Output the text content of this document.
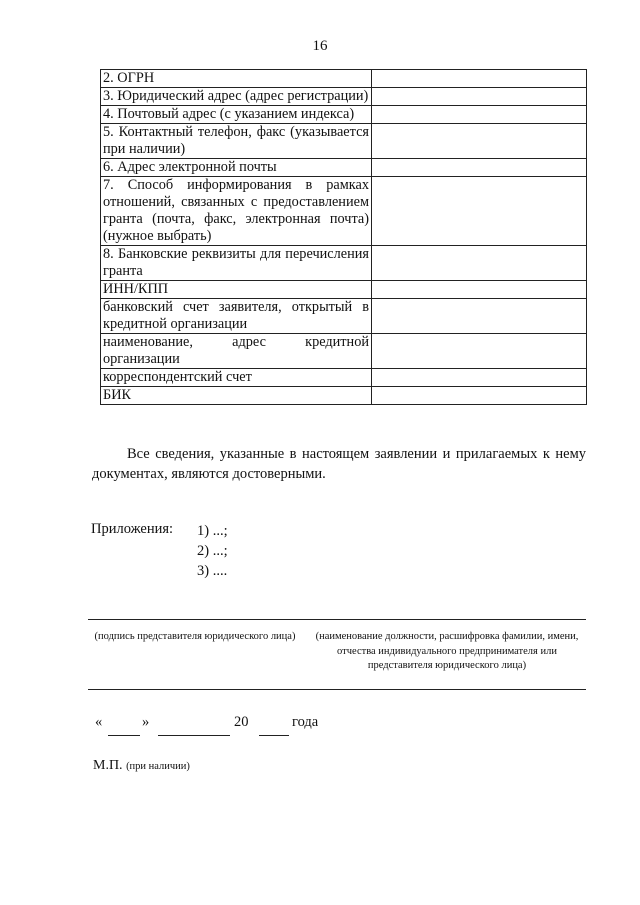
16
2. ОГРН	
3. Юридический адрес (адрес регистрации)	
4. Почтовый адрес (с указанием индекса)	
5. Контактный телефон, факс (указывается при наличии)	
6. Адрес электронной почты	
7. Способ информирования в рамках отношений, связанных с предоставлением гранта (почта, факс, электронная почта) (нужное выбрать)	
8. Банковские реквизиты для перечисления гранта	
ИНН/КПП	
банковский счет заявителя, открытый в кредитной организации	
наименование, адрес кредитной организации	
корреспондентский счет	
БИК	
Все сведения, указанные в настоящем заявлении и прилагаемых к нему документах, являются достоверными.
Приложения: 1) ...;
2) ...;
3) ....
(подпись представителя юридического лица)	(наименование должности, расшифровка фамилии, имени, отчества индивидуального предпринимателя или представителя юридического лица)
«	»	20	года
М.П. (при наличии)
